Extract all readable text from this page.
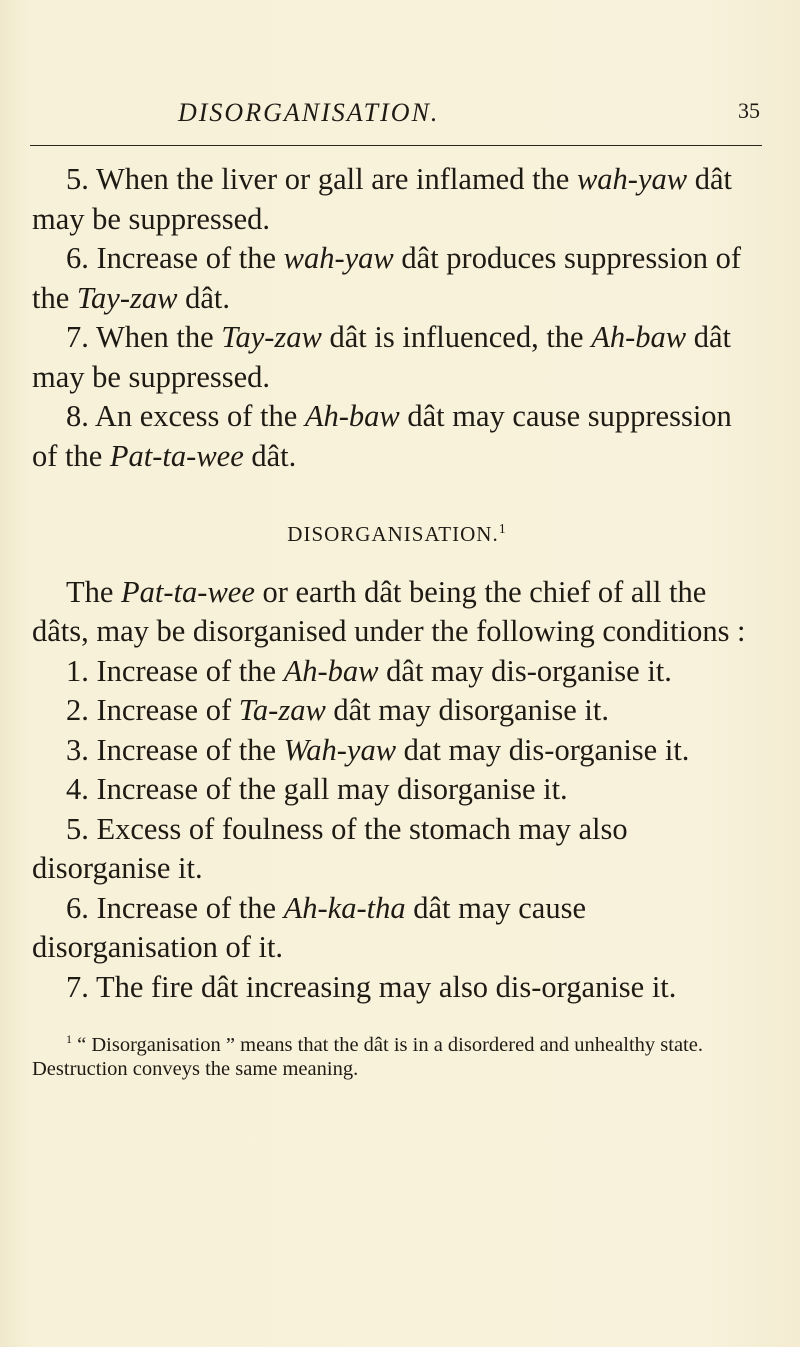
DISORGANISATION.	35

5. When the liver or gall are inflamed the wah-yaw dât may be suppressed.

6. Increase of the wah-yaw dât produces suppression of the Tay-zaw dât.

7. When the Tay-zaw dât is influenced, the Ah-baw dât may be suppressed.

8. An excess of the Ah-baw dât may cause suppression of the Pat-ta-wee dât.

DISORGANISATION.$^1$

The Pat-ta-wee or earth dât being the chief of all the dâts, may be disorganised under the following conditions :

1. Increase of the Ah-baw dât may dis-organise it.

2. Increase of Ta-zaw dât may disorganise it.

3. Increase of the Wah-yaw dat may dis-organise it.

4. Increase of the gall may disorganise it.

5. Excess of foulness of the stomach may also disorganise it.

6. Increase of the Ah-ka-tha dât may cause disorganisation of it.

7. The fire dât increasing may also dis-organise it.

$^1$ “ Disorganisation ” means that the dât is in a disordered and unhealthy state. Destruction conveys the same meaning.
